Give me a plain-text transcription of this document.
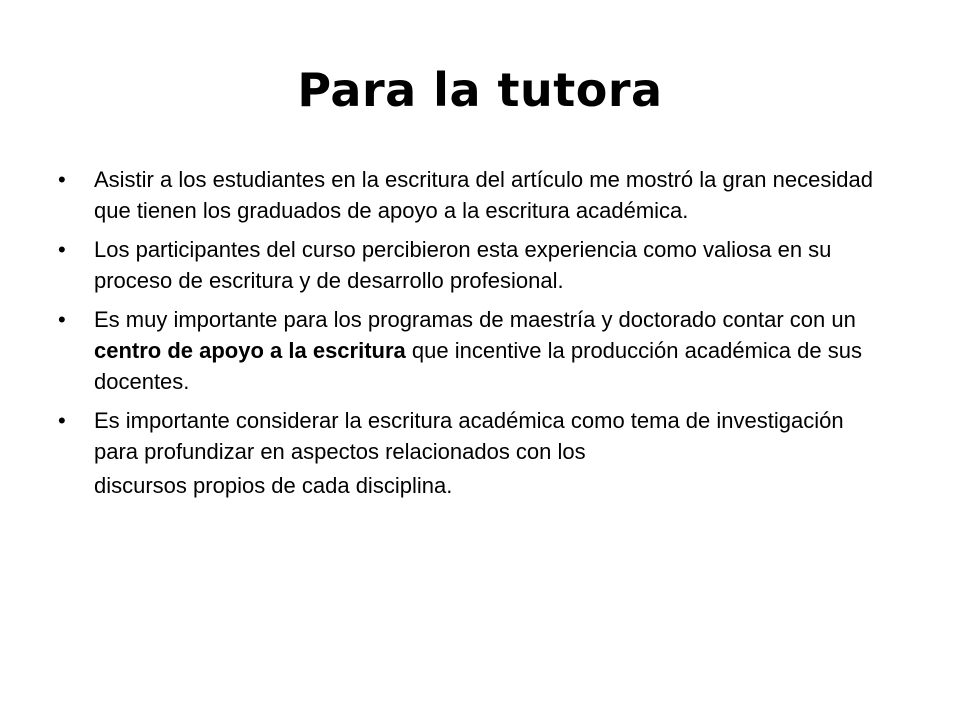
Para la tutora
• Asistir a los estudiantes en la escritura del artículo me mostró la gran necesidad que tienen los graduados de apoyo a la escritura académica.
• Los participantes del curso percibieron esta experiencia como valiosa en su proceso de escritura y de desarrollo profesional.
• Es muy importante para los programas de maestría y doctorado contar con un centro de apoyo a la escritura que incentive la producción académica de sus docentes.
• Es importante considerar la escritura académica como tema de investigación para profundizar en aspectos relacionados con los
discursos propios de cada disciplina.
